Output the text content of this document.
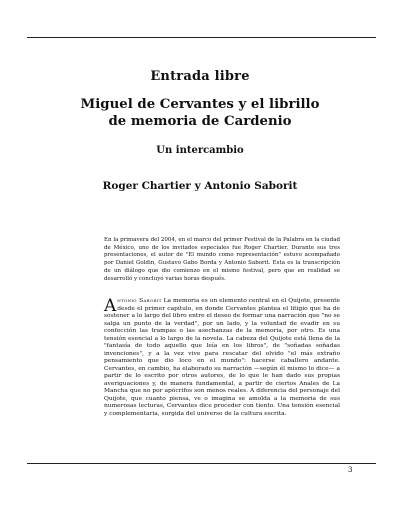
Entrada libre
Miguel de Cervantes y el librillo
de memoria de Cardenio
Un intercambio
Roger Chartier y Antonio Saborit
En la primavera del 2004, en el marco del primer Festival de la Palabra en la ciudad de México, uno de los invitados especiales fue Roger Chartier. Durante sus tres presentaciones, el autor de "El mundo como representación" estuvo acompañado por Daniel Goldin, Gustavo Gabo Borda y Antonio Saborit. Esta es la transcripción de un diálogo que dio comienzo en el mismo festival, pero que en realidad se desarrolló y concluyó varias horas después.
Antonio Saborit La memoria es un elemento central en el Quijote, presente desde el primer capítulo, en donde Cervantes plantea el litigio que ha de sostener a lo largo del libro entre el deseo de formar una narración que "no se salga un punto de la verdad", por un lado, y la voluntad de evadir en su confección las trampas o las asechanzas de la memoria, por otro. Es una tensión esencial a lo largo de la novela. La cabeza del Quijote está llena de la "fantasía de todo aquello que leía en los libros", de "soñadas soñadas invenciones", y a la vez vive para rescatar del olvido "el más extraño pensamiento que dio loco en el mundo": hacerse caballero andante. Cervantes, en cambio, ha elaborado su narración —según él mismo lo dice— a partir de lo escrito por otros autores, de lo que le han dado sus propias averiguaciones y, de manera fundamental, a partir de ciertos Anales de La Mancha que no por apócrifos son menos reales. A diferencia del personaje del Quijote, que cuanto piensa, ve o imagina se amolda a la memoria de sus numerosas lecturas, Cervantes dice proceder con tiento. Una tensión esencial y complementaria, surgida del universo de la cultura escrita.
3
